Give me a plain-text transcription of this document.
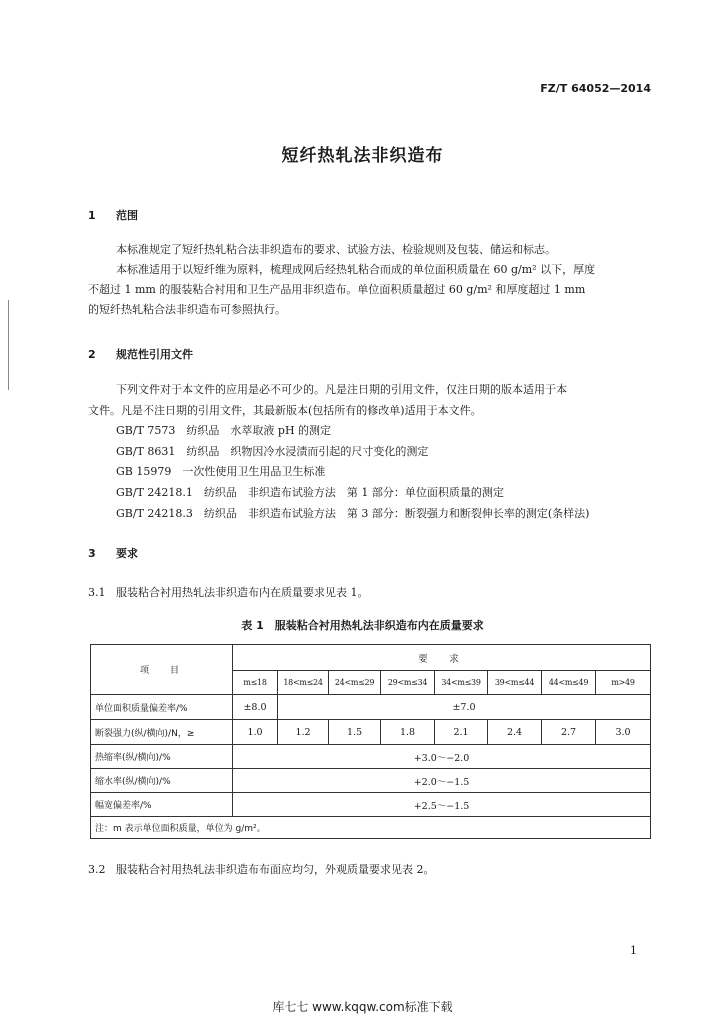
FZ/T 64052—2014
短纤热轧法非织造布
1 范围
本标准规定了短纤热轧粘合法非织造布的要求、试验方法、检验规则及包装、储运和标志。
本标准适用于以短纤维为原料，梳理成网后经热轧粘合而成的单位面积质量在 60 g/m² 以下，厚度
不超过 1 mm 的服装粘合衬用和卫生产品用非织造布。单位面积质量超过 60 g/m² 和厚度超过 1 mm
的短纤热轧粘合法非织造布可参照执行。
2 规范性引用文件
下列文件对于本文件的应用是必不可少的。凡是注日期的引用文件，仅注日期的版本适用于本
文件。凡是不注日期的引用文件，其最新版本(包括所有的修改单)适用于本文件。
GB/T 7573　纺织品　水萃取液 pH 的测定
GB/T 8631　纺织品　织物因冷水浸渍而引起的尺寸变化的测定
GB 15979　一次性使用卫生用品卫生标准
GB/T 24218.1　纺织品　非织造布试验方法　第 1 部分：单位面积质量的测定
GB/T 24218.3　纺织品　非织造布试验方法　第 3 部分：断裂强力和断裂伸长率的测定(条样法)
3 要求
3.1 服装粘合衬用热轧法非织造布内在质量要求见表 1。
表 1　服装粘合衬用热轧法非织造布内在质量要求
项　目	要　求							
	m≤18	18<m≤24	24<m≤29	29<m≤34	34<m≤39	39<m≤44	44<m≤49	m>49
单位面积质量偏差率/%	±8.0	±7.0						
断裂强力(纵/横向)/N，≥	1.0	1.2	1.5	1.8	2.1	2.4	2.7	3.0
热缩率(纵/横向)/%	+3.0～−2.0							
缩水率(纵/横向)/%	+2.0～−1.5							
幅宽偏差率/%	+2.5～−1.5							
注：m 表示单位面积质量，单位为 g/m²。								
3.2 服装粘合衬用热轧法非织造布布面应均匀，外观质量要求见表 2。
1
库七七 www.kqqw.com标准下载
